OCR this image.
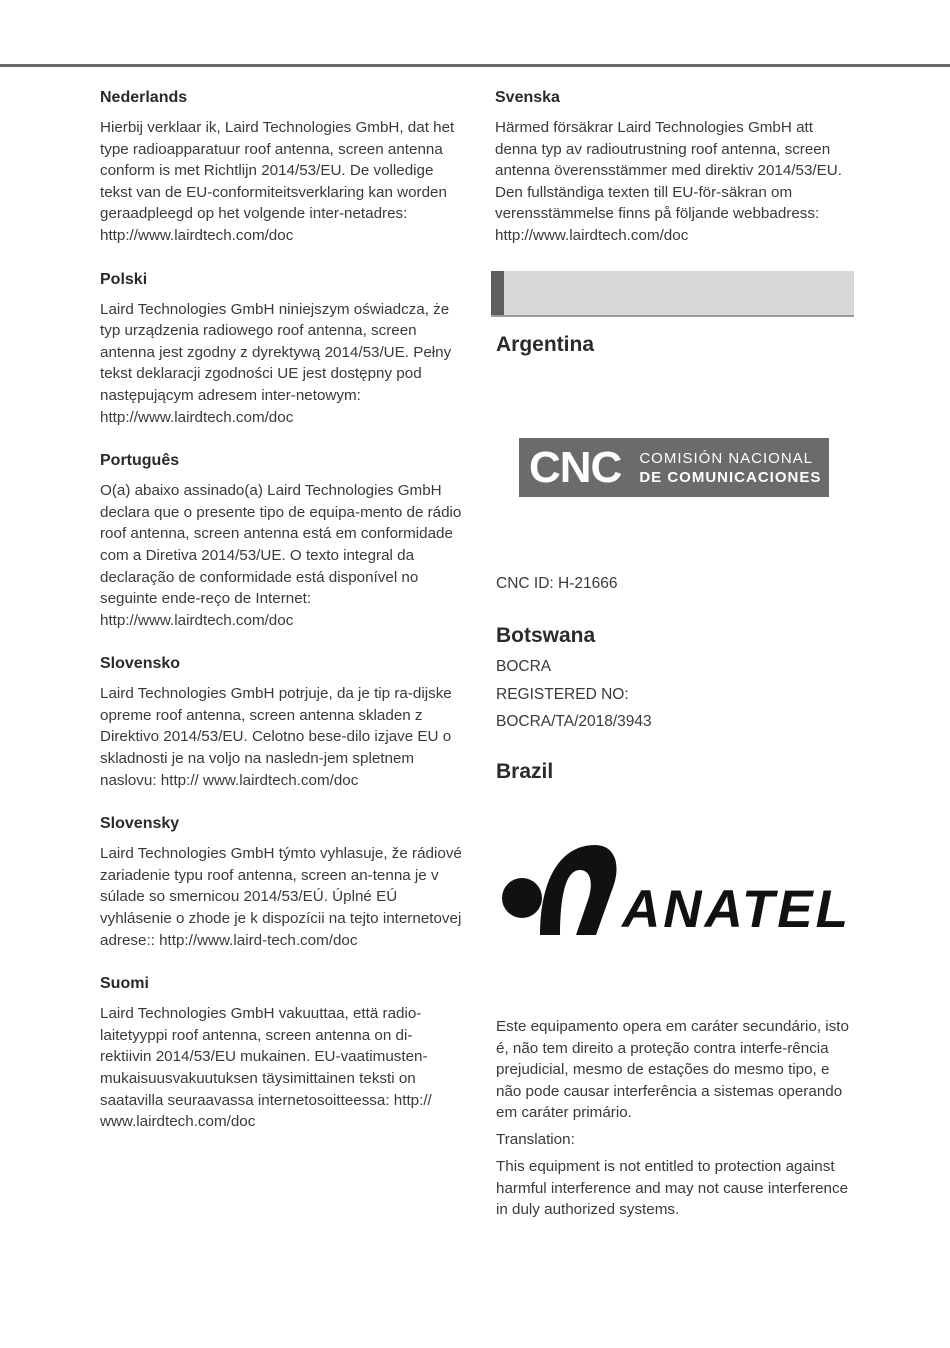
Nederlands

Hierbij verklaar ik, Laird Technologies GmbH, dat het type radioapparatuur roof antenna, screen antenna conform is met Richtlijn 2014/53/EU. De volledige tekst van de EU-conformiteitsverklaring kan worden geraadpleegd op het volgende inter-netadres: http://www.lairdtech.com/doc

Polski

Laird Technologies GmbH niniejszym oświadcza, że typ urządzenia radiowego roof antenna, screen antenna jest zgodny z dyrektywą 2014/53/UE. Pełny tekst deklaracji zgodności UE jest dostępny pod następującym adresem inter-netowym: http://www.lairdtech.com/doc

Português

O(a) abaixo assinado(a) Laird Technologies GmbH declara que o presente tipo de equipa-mento de rádio roof antenna, screen antenna está em conformidade com a Diretiva 2014/53/UE. O texto integral da declaração de conformidade está disponível no seguinte ende-reço de Internet: http://www.lairdtech.com/doc

Slovensko

Laird Technologies GmbH potrjuje, da je tip ra-dijske opreme roof antenna, screen antenna skladen z Direktivo 2014/53/EU. Celotno bese-dilo izjave EU o skladnosti je na voljo na nasledn-jem spletnem naslovu: http:// www.lairdtech.com/doc

Slovensky

Laird Technologies GmbH týmto vyhlasuje, že rádiové zariadenie typu roof antenna, screen an-tenna je v súlade so smernicou 2014/53/EÚ. Úplné EÚ vyhlásenie o zhode je k dispozícii na tejto internetovej adrese:: http://www.laird-tech.com/doc

Suomi

Laird Technologies GmbH vakuuttaa, että radio-laitetyyppi roof antenna, screen antenna on di-rektiivin 2014/53/EU mukainen. EU-vaatimusten-mukaisuusvakuutuksen täysimittainen teksti on saatavilla seuraavassa internetosoitteessa: http:// www.lairdtech.com/doc

Svenska

Härmed försäkrar Laird Technologies GmbH att denna typ av radioutrustning roof antenna, screen antenna överensstämmer med direktiv 2014/53/EU. Den fullständiga texten till EU-för-säkran om verensstämmelse finns på följande webbadress: http://www.lairdtech.com/doc

Argentina
CNC COMISIÓN NACIONAL
DE COMUNICACIONES

CNC ID: H-21666

Botswana

BOCRA

REGISTERED NO:

BOCRA/TA/2018/3943

Brazil
ANATEL

Este equipamento opera em caráter secundário, isto é, não tem direito a proteção contra interfe-rência prejudicial, mesmo de estações do mesmo tipo, e não pode causar interferência a sistemas operando em caráter primário.

Translation:

This equipment is not entitled to protection against harmful interference and may not cause interference in duly authorized systems.
